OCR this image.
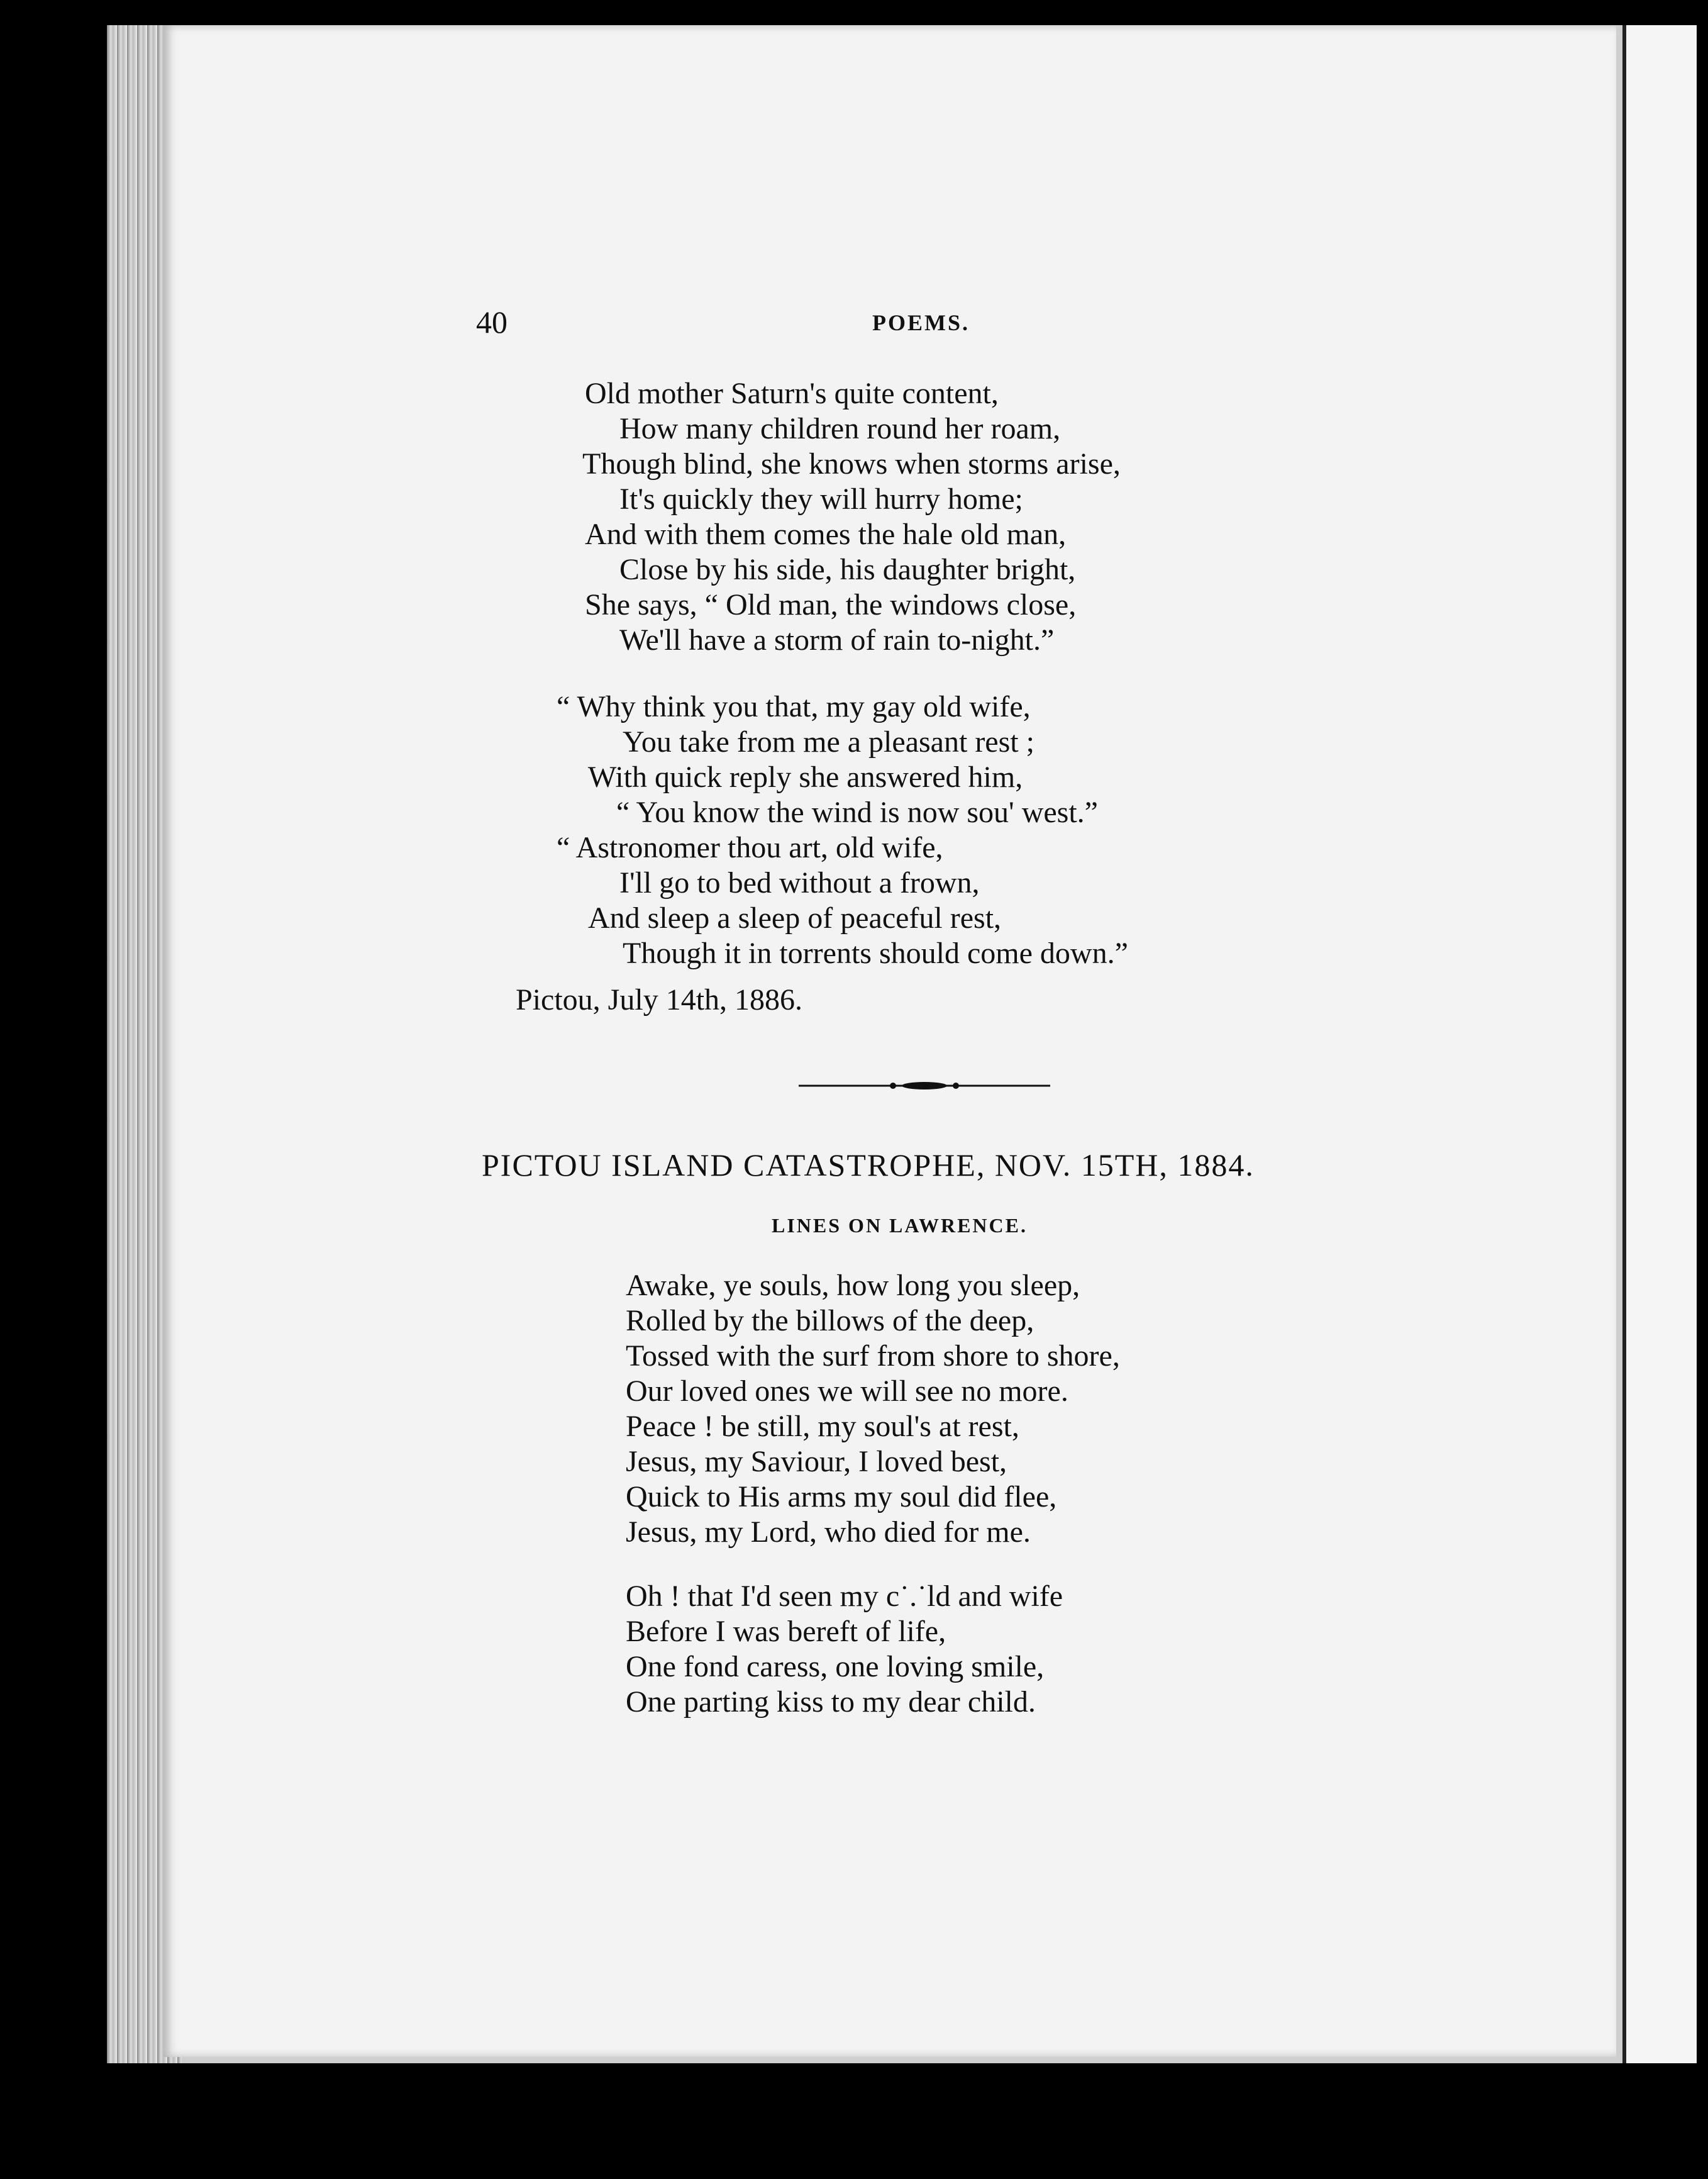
40	POEMS.
Old mother Saturn's quite content,
How many children round her roam,
Though blind, she knows when storms arise,
It's quickly they will hurry home;
And with them comes the hale old man,
Close by his side, his daughter bright,
She says, “ Old man, the windows close,
We'll have a storm of rain to-night.”
“ Why think you that, my gay old wife,
You take from me a pleasant rest ;
With quick reply she answered him,
“ You know the wind is now sou' west.”
“ Astronomer thou art, old wife,
I'll go to bed without a frown,
And sleep a sleep of peaceful rest,
Though it in torrents should come down.”
Pictou, July 14th, 1886.
PICTOU ISLAND CATASTROPHE, NOV. 15TH, 1884.
LINES ON LAWRENCE.
Awake, ye souls, how long you sleep,
Rolled by the billows of the deep,
Tossed with the surf from shore to shore,
Our loved ones we will see no more.
Peace ! be still, my soul's at rest,
Jesus, my Saviour, I loved best,
Quick to His arms my soul did flee,
Jesus, my Lord, who died for me.
Oh ! that I'd seen my c˙.˙ld and wife
Before I was bereft of life,
One fond caress, one loving smile,
One parting kiss to my dear child.
